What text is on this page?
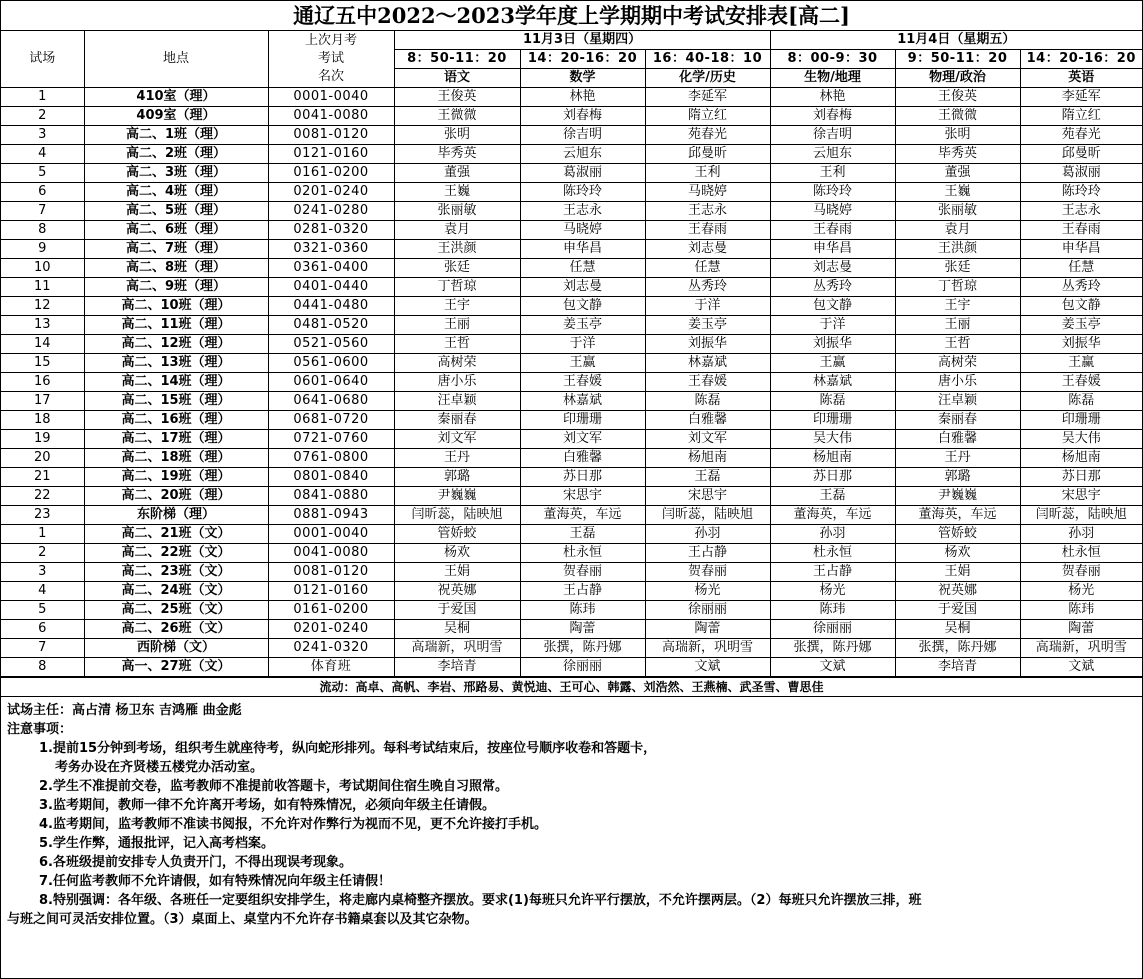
通辽五中2022～2023学年度上学期期中考试安排表[高二]
试场	地点	上次月考
考试
名次	11月3日（星期四）			11月4日（星期五）		
			8：50-11：20	14：20-16：20	16：40-18：10	8：00-9：30	9：50-11：20	14：20-16：20
			语文	数学	化学/历史	生物/地理	物理/政治	英语
1	410室（理）	0001-0040	王俊英	林艳	李延军	林艳	王俊英	李延军
2	409室（理）	0041-0080	王微微	刘春梅	隋立红	刘春梅	王微微	隋立红
3	高二、1班（理）	0081-0120	张明	徐吉明	苑春光	徐吉明	张明	苑春光
4	高二、2班（理）	0121-0160	毕秀英	云旭东	邱曼昕	云旭东	毕秀英	邱曼昕
5	高二、3班（理）	0161-0200	董强	葛淑丽	王利	王利	董强	葛淑丽
6	高二、4班（理）	0201-0240	王巍	陈玲玲	马晓婷	陈玲玲	王巍	陈玲玲
7	高二、5班（理）	0241-0280	张丽敏	王志永	王志永	马晓婷	张丽敏	王志永
8	高二、6班（理）	0281-0320	袁月	马晓婷	王春雨	王春雨	袁月	王春雨
9	高二、7班（理）	0321-0360	王洪颜	申华昌	刘志曼	申华昌	王洪颜	申华昌
10	高二、8班（理）	0361-0400	张廷	任慧	任慧	刘志曼	张廷	任慧
11	高二、9班（理）	0401-0440	丁哲琼	刘志曼	丛秀玲	丛秀玲	丁哲琼	丛秀玲
12	高二、10班（理）	0441-0480	王宇	包文静	于洋	包文静	王宇	包文静
13	高二、11班（理）	0481-0520	王丽	姜玉亭	姜玉亭	于洋	王丽	姜玉亭
14	高二、12班（理）	0521-0560	王哲	于洋	刘振华	刘振华	王哲	刘振华
15	高二、13班（理）	0561-0600	高树荣	王赢	林嘉斌	王赢	高树荣	王赢
16	高二、14班（理）	0601-0640	唐小乐	王春媛	王春媛	林嘉斌	唐小乐	王春媛
17	高二、15班（理）	0641-0680	汪卓颖	林嘉斌	陈磊	陈磊	汪卓颖	陈磊
18	高二、16班（理）	0681-0720	秦丽春	印珊珊	白雅馨	印珊珊	秦丽春	印珊珊
19	高二、17班（理）	0721-0760	刘文军	刘文军	刘文军	吴大伟	白雅馨	吴大伟
20	高二、18班（理）	0761-0800	王丹	白雅馨	杨旭南	杨旭南	王丹	杨旭南
21	高二、19班（理）	0801-0840	郭璐	苏日那	王磊	苏日那	郭璐	苏日那
22	高二、20班（理）	0841-0880	尹巍巍	宋思宇	宋思宇	王磊	尹巍巍	宋思宇
23	东阶梯（理）	0881-0943	闫昕蕊，陆映旭	董海英，车远	闫昕蕊，陆映旭	董海英，车远	董海英，车远	闫昕蕊，陆映旭
1	高二、21班（文）	0001-0040	管娇蛟	王磊	孙羽	孙羽	管娇蛟	孙羽
2	高二、22班（文）	0041-0080	杨欢	杜永恒	王占静	杜永恒	杨欢	杜永恒
3	高二、23班（文）	0081-0120	王娟	贺春丽	贺春丽	王占静	王娟	贺春丽
4	高二、24班（文）	0121-0160	祝英娜	王占静	杨光	杨光	祝英娜	杨光
5	高二、25班（文）	0161-0200	于爱国	陈玮	徐丽丽	陈玮	于爱国	陈玮
6	高二、26班（文）	0201-0240	吴桐	陶蕾	陶蕾	徐丽丽	吴桐	陶蕾
7	西阶梯（文）	0241-0320	高瑞新，巩明雪	张撰，陈丹娜	高瑞新，巩明雪	张撰，陈丹娜	张撰，陈丹娜	高瑞新，巩明雪
8	高一、27班（文）	体育班	李培青	徐丽丽	文斌	文斌	李培青	文斌
流动：高卓、高帆、李岩、邢路易、黄悦迪、王可心、韩露、刘浩然、王燕楠、武圣雪、曹思佳
试场主任：高占清 杨卫东 吉鸿雁 曲金彪
注意事项：
1.提前15分钟到考场，组织考生就座待考，纵向蛇形排列。每科考试结束后，按座位号顺序收卷和答题卡，
考务办设在齐贤楼五楼党办活动室。
2.学生不准提前交卷，监考教师不准提前收答题卡，考试期间住宿生晚自习照常。
3.监考期间，教师一律不允许离开考场，如有特殊情况，必须向年级主任请假。
4.监考期间，监考教师不准读书阅报，不允许对作弊行为视而不见，更不允许接打手机。
5.学生作弊，通报批评，记入高考档案。
6.各班级提前安排专人负责开门，不得出现误考现象。
7.任何监考教师不允许请假，如有特殊情况向年级主任请假！
8.特别强调：各年级、各班任一定要组织安排学生，将走廊内桌椅整齐摆放。要求(1)每班只允许平行摆放，不允许摆两层。（2）每班只允许摆放三排，班
与班之间可灵活安排位置。（3）桌面上、桌堂内不允许存书籍桌套以及其它杂物。
